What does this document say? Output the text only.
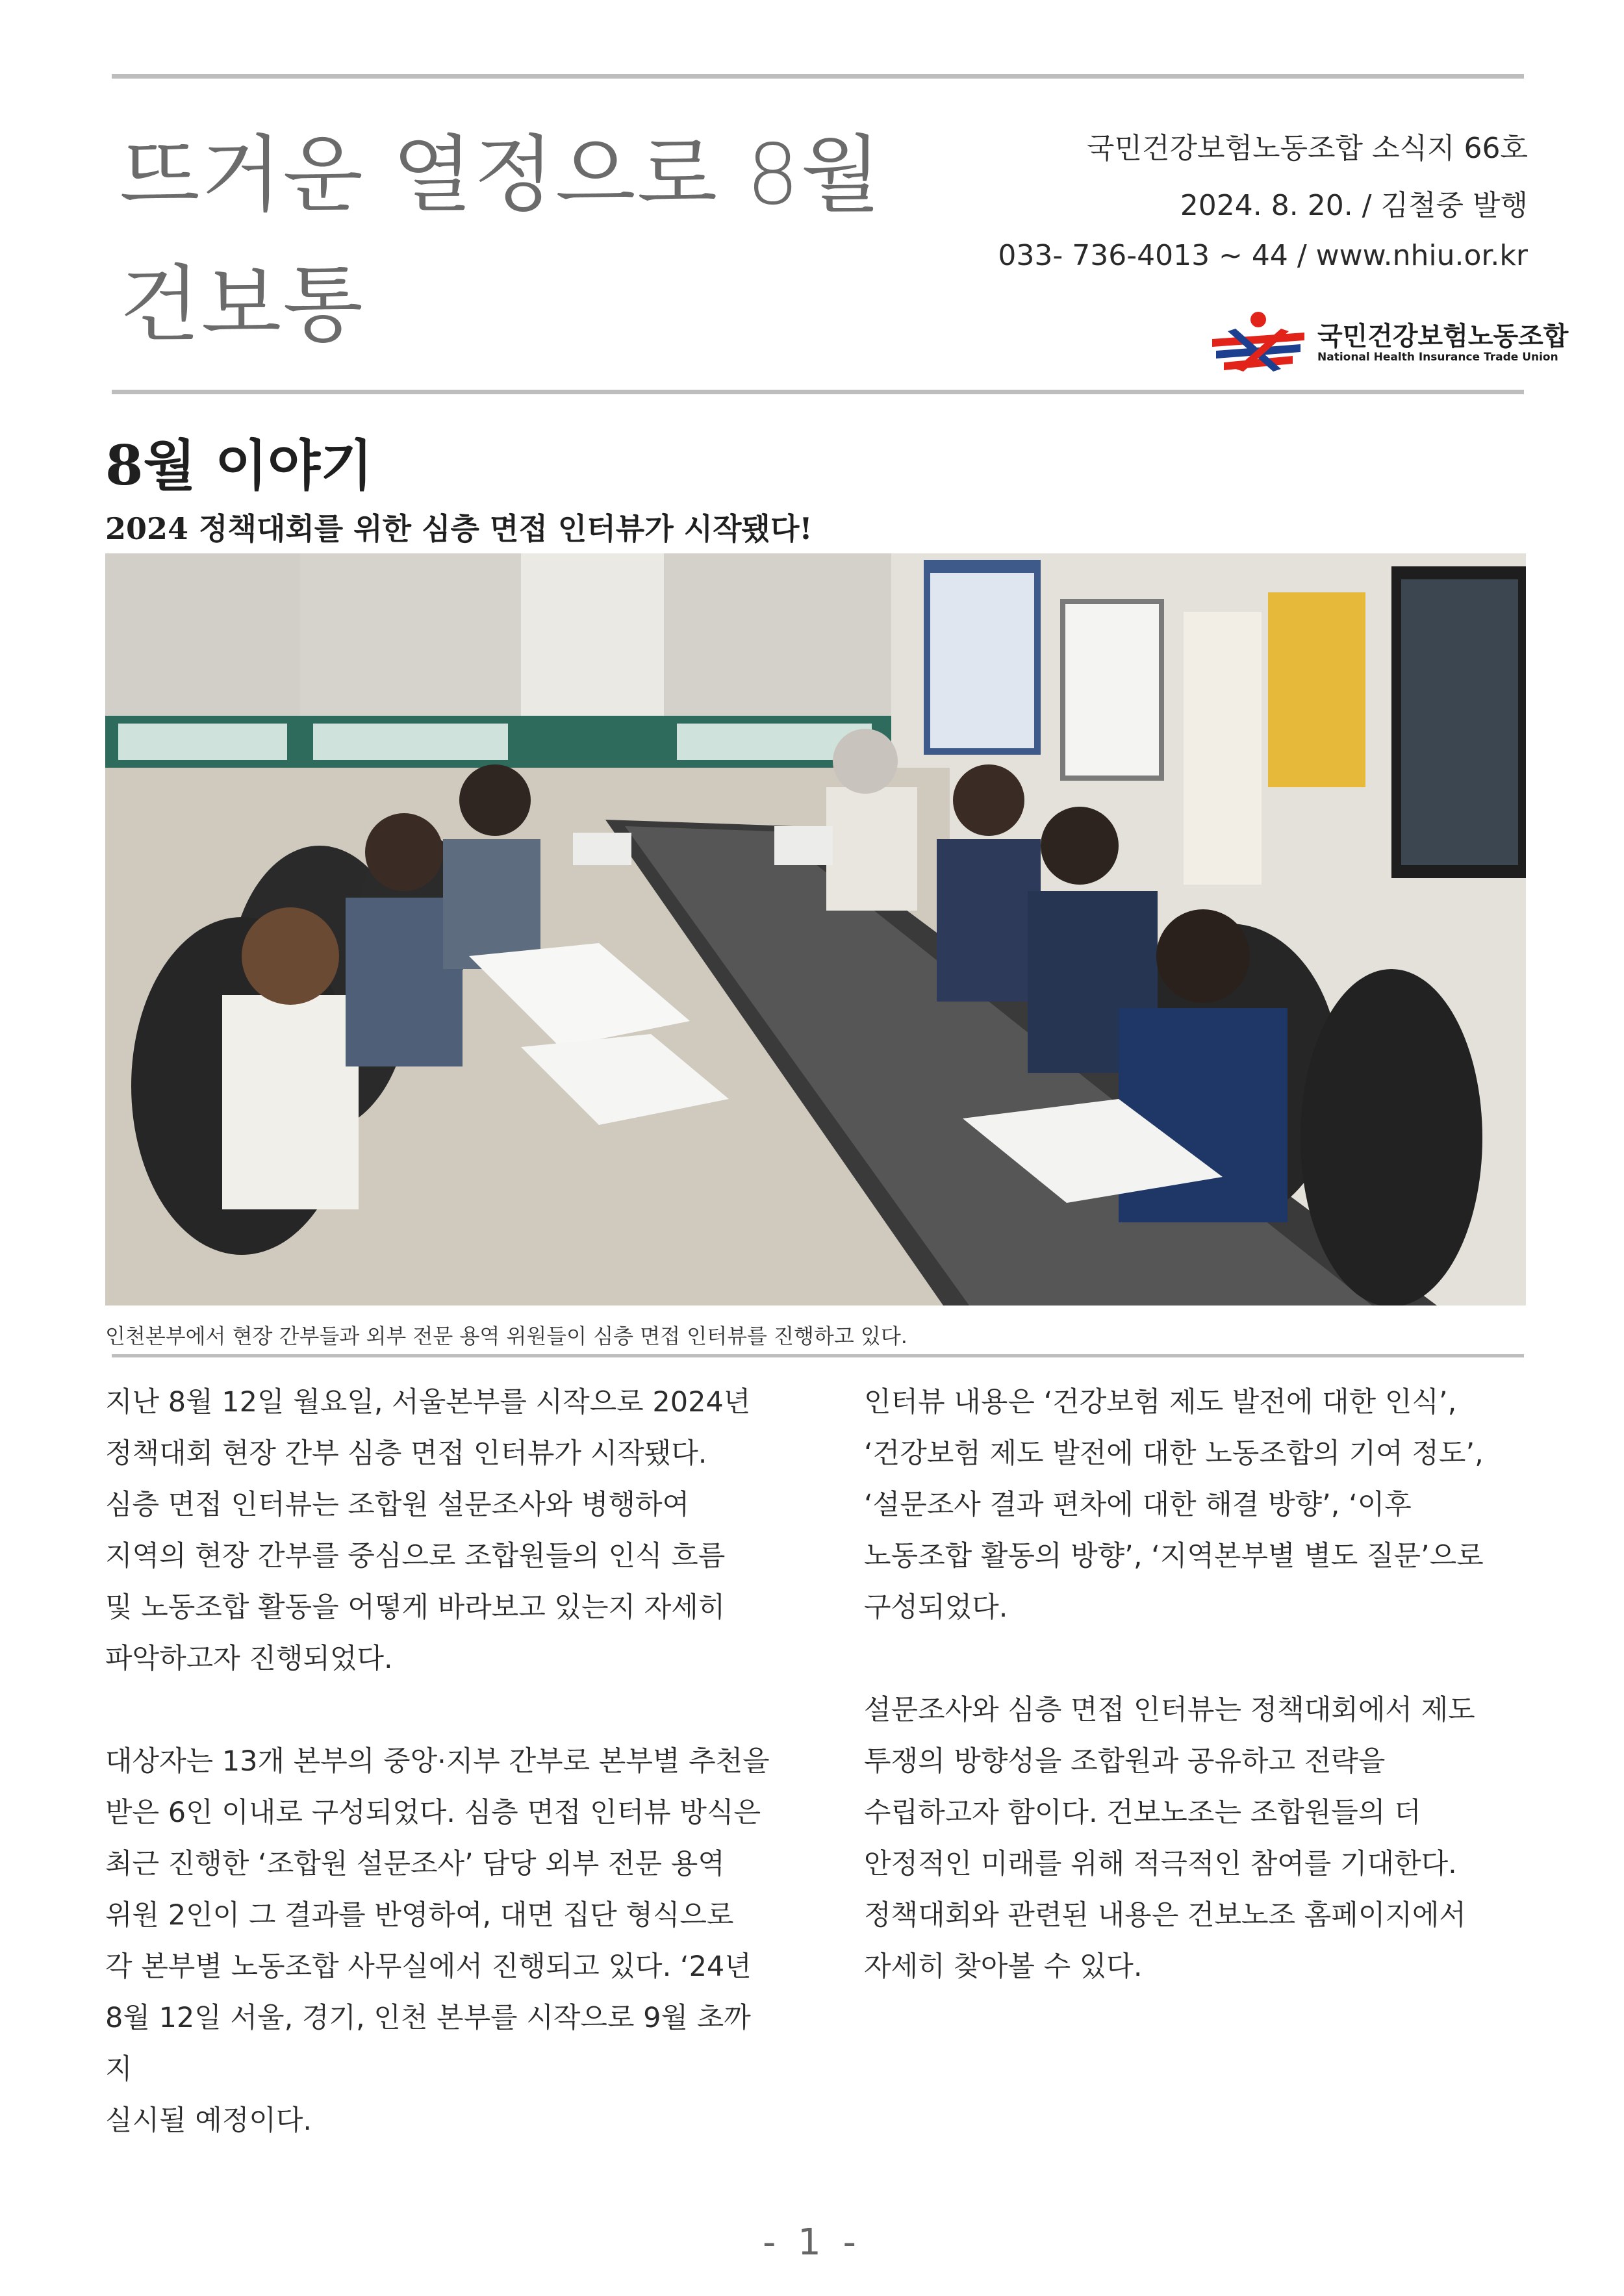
뜨거운 열정으로 8월
건보통
국민건강보험노동조합 소식지 66호
2024. 8. 20. / 김철중 발행
033- 736-4013 ~ 44 / www.nhiu.or.kr
국민건강보험노동조합
National Health Insurance Trade Union
8월 이야기
2024 정책대회를 위한 심층 면접 인터뷰가 시작됐다!
인천본부에서 현장 간부들과 외부 전문 용역 위원들이 심층 면접 인터뷰를 진행하고 있다.

지난 8월 12일 월요일, 서울본부를 시작으로 2024년
정책대회 현장 간부 심층 면접 인터뷰가 시작됐다.
심층 면접 인터뷰는 조합원 설문조사와 병행하여
지역의 현장 간부를 중심으로 조합원들의 인식 흐름
및 노동조합 활동을 어떻게 바라보고 있는지 자세히
파악하고자 진행되었다.

대상자는 13개 본부의 중앙·지부 간부로 본부별 추천을
받은 6인 이내로 구성되었다. 심층 면접 인터뷰 방식은
최근 진행한 ‘조합원 설문조사’ 담당 외부 전문 용역
위원 2인이 그 결과를 반영하여, 대면 집단 형식으로
각 본부별 노동조합 사무실에서 진행되고 있다. ‘24년
8월 12일 서울, 경기, 인천 본부를 시작으로 9월 초까지
실시될 예정이다.

인터뷰 내용은 ‘건강보험 제도 발전에 대한 인식’,
‘건강보험 제도 발전에 대한 노동조합의 기여 정도’,
‘설문조사 결과 편차에 대한 해결 방향’, ‘이후
노동조합 활동의 방향’, ‘지역본부별 별도 질문’으로
구성되었다.

설문조사와 심층 면접 인터뷰는 정책대회에서 제도
투쟁의 방향성을 조합원과 공유하고 전략을
수립하고자 함이다. 건보노조는 조합원들의 더
안정적인 미래를 위해 적극적인 참여를 기대한다.
정책대회와 관련된 내용은 건보노조 홈페이지에서
자세히 찾아볼 수 있다.

- 1 -
